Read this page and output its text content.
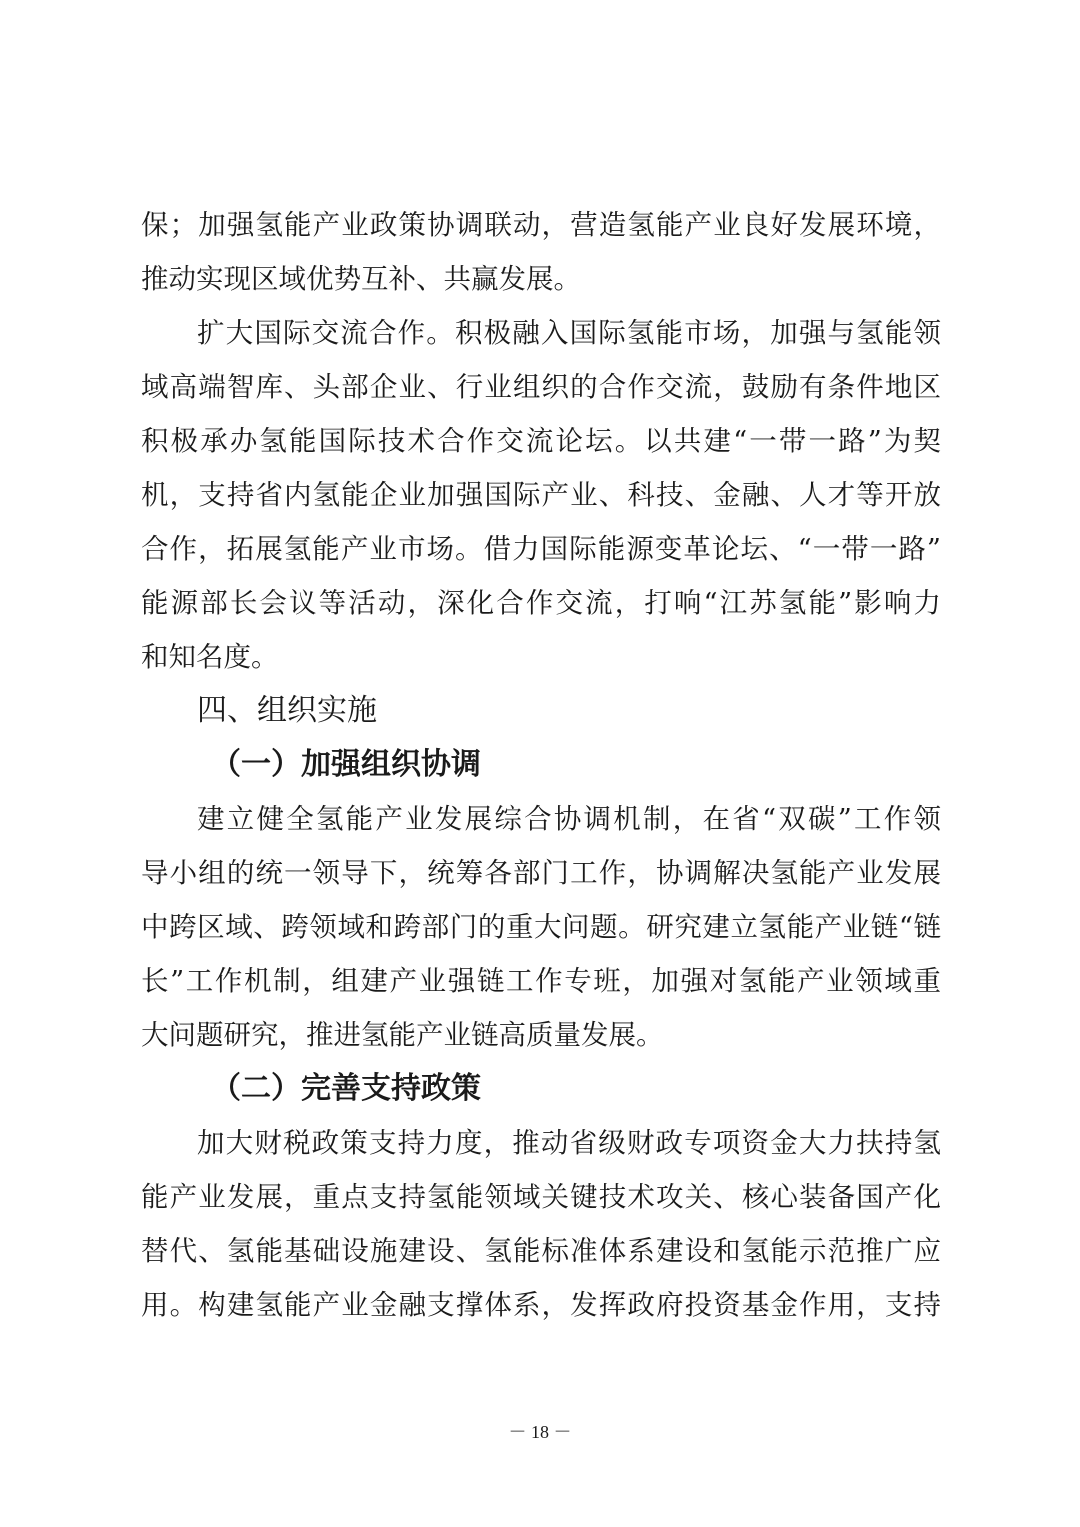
保；加强氢能产业政策协调联动，营造氢能产业良好发展环境，
推动实现区域优势互补、共赢发展。
扩大国际交流合作。积极融入国际氢能市场，加强与氢能领
域高端智库、头部企业、行业组织的合作交流，鼓励有条件地区
积极承办氢能国际技术合作交流论坛。以共建“一带一路”为契
机，支持省内氢能企业加强国际产业、科技、金融、人才等开放
合作，拓展氢能产业市场。借力国际能源变革论坛、“一带一路”
能源部长会议等活动，深化合作交流，打响“江苏氢能”影响力
和知名度。
四、组织实施
（一）加强组织协调
建立健全氢能产业发展综合协调机制，在省“双碳”工作领
导小组的统一领导下，统筹各部门工作，协调解决氢能产业发展
中跨区域、跨领域和跨部门的重大问题。研究建立氢能产业链“链
长”工作机制，组建产业强链工作专班，加强对氢能产业领域重
大问题研究，推进氢能产业链高质量发展。
（二）完善支持政策
加大财税政策支持力度，推动省级财政专项资金大力扶持氢
能产业发展，重点支持氢能领域关键技术攻关、核心装备国产化
替代、氢能基础设施建设、氢能标准体系建设和氢能示范推广应
用。构建氢能产业金融支撑体系，发挥政府投资基金作用，支持
－ 18 －
